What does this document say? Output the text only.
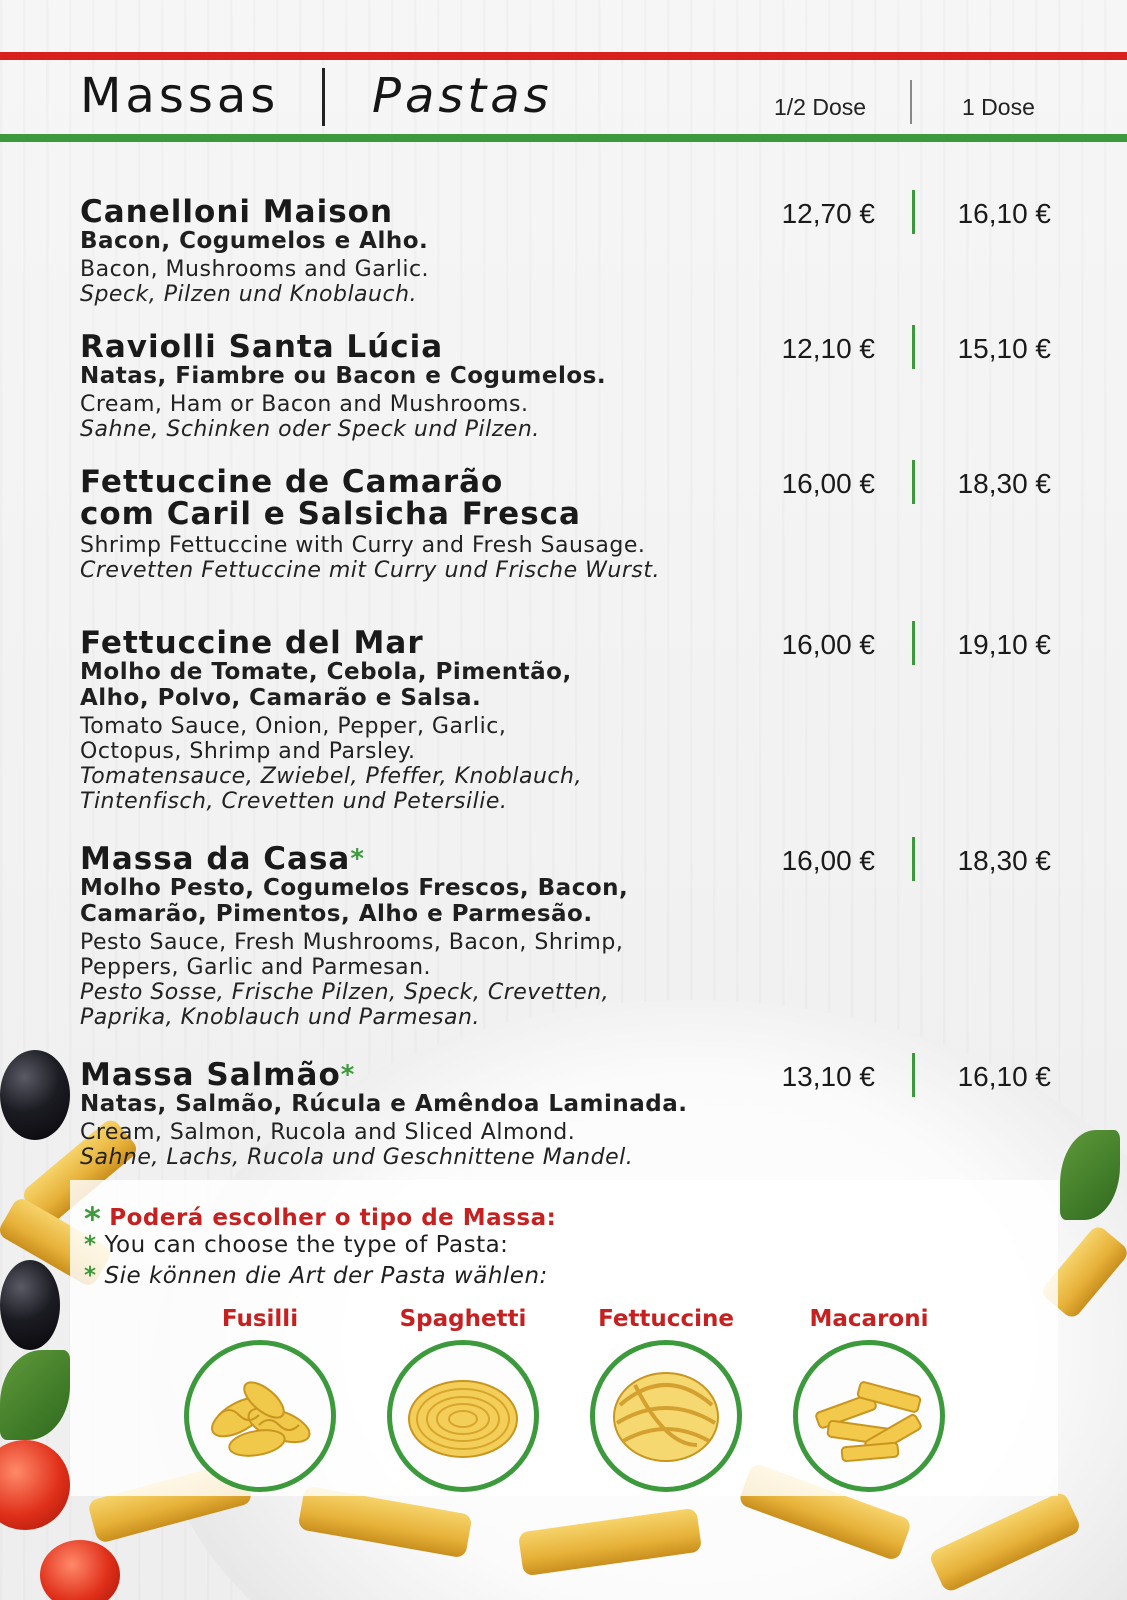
Massas Pastas	1/2 Dose	1 Dose
Canelloni Maison
Bacon, Cogumelos e Alho.
Bacon, Mushrooms and Garlic.
Speck, Pilzen und Knoblauch.
12,70 €	16,10 €
Raviolli Santa Lúcia
Natas, Fiambre ou Bacon e Cogumelos.
Cream, Ham or Bacon and Mushrooms.
Sahne, Schinken oder Speck und Pilzen.
12,10 €	15,10 €
Fettuccine de Camarão
com Caril e Salsicha Fresca
Shrimp Fettuccine with Curry and Fresh Sausage.
Crevetten Fettuccine mit Curry und Frische Wurst.
16,00 €	18,30 €
Fettuccine del Mar
Molho de Tomate, Cebola, Pimentão,
Alho, Polvo, Camarão e Salsa.
Tomato Sauce, Onion, Pepper, Garlic,
Octopus, Shrimp and Parsley.
Tomatensauce, Zwiebel, Pfeffer, Knoblauch,
Tintenfisch, Crevetten und Petersilie.
16,00 €	19,10 €
Massa da Casa*
Molho Pesto, Cogumelos Frescos, Bacon,
Camarão, Pimentos, Alho e Parmesão.
Pesto Sauce, Fresh Mushrooms, Bacon, Shrimp,
Peppers, Garlic and Parmesan.
Pesto Sosse, Frische Pilzen, Speck, Crevetten,
Paprika, Knoblauch und Parmesan.
16,00 €	18,30 €
Massa Salmão*
Natas, Salmão, Rúcula e Amêndoa Laminada.
Cream, Salmon, Rucola and Sliced Almond.
Sahne, Lachs, Rucola und Geschnittene Mandel.
13,10 €	16,10 €
* Poderá escolher o tipo de Massa:
* You can choose the type of Pasta:
* Sie können die Art der Pasta wählen:
Fusilli	Spaghetti	Fettuccine	Macaroni
